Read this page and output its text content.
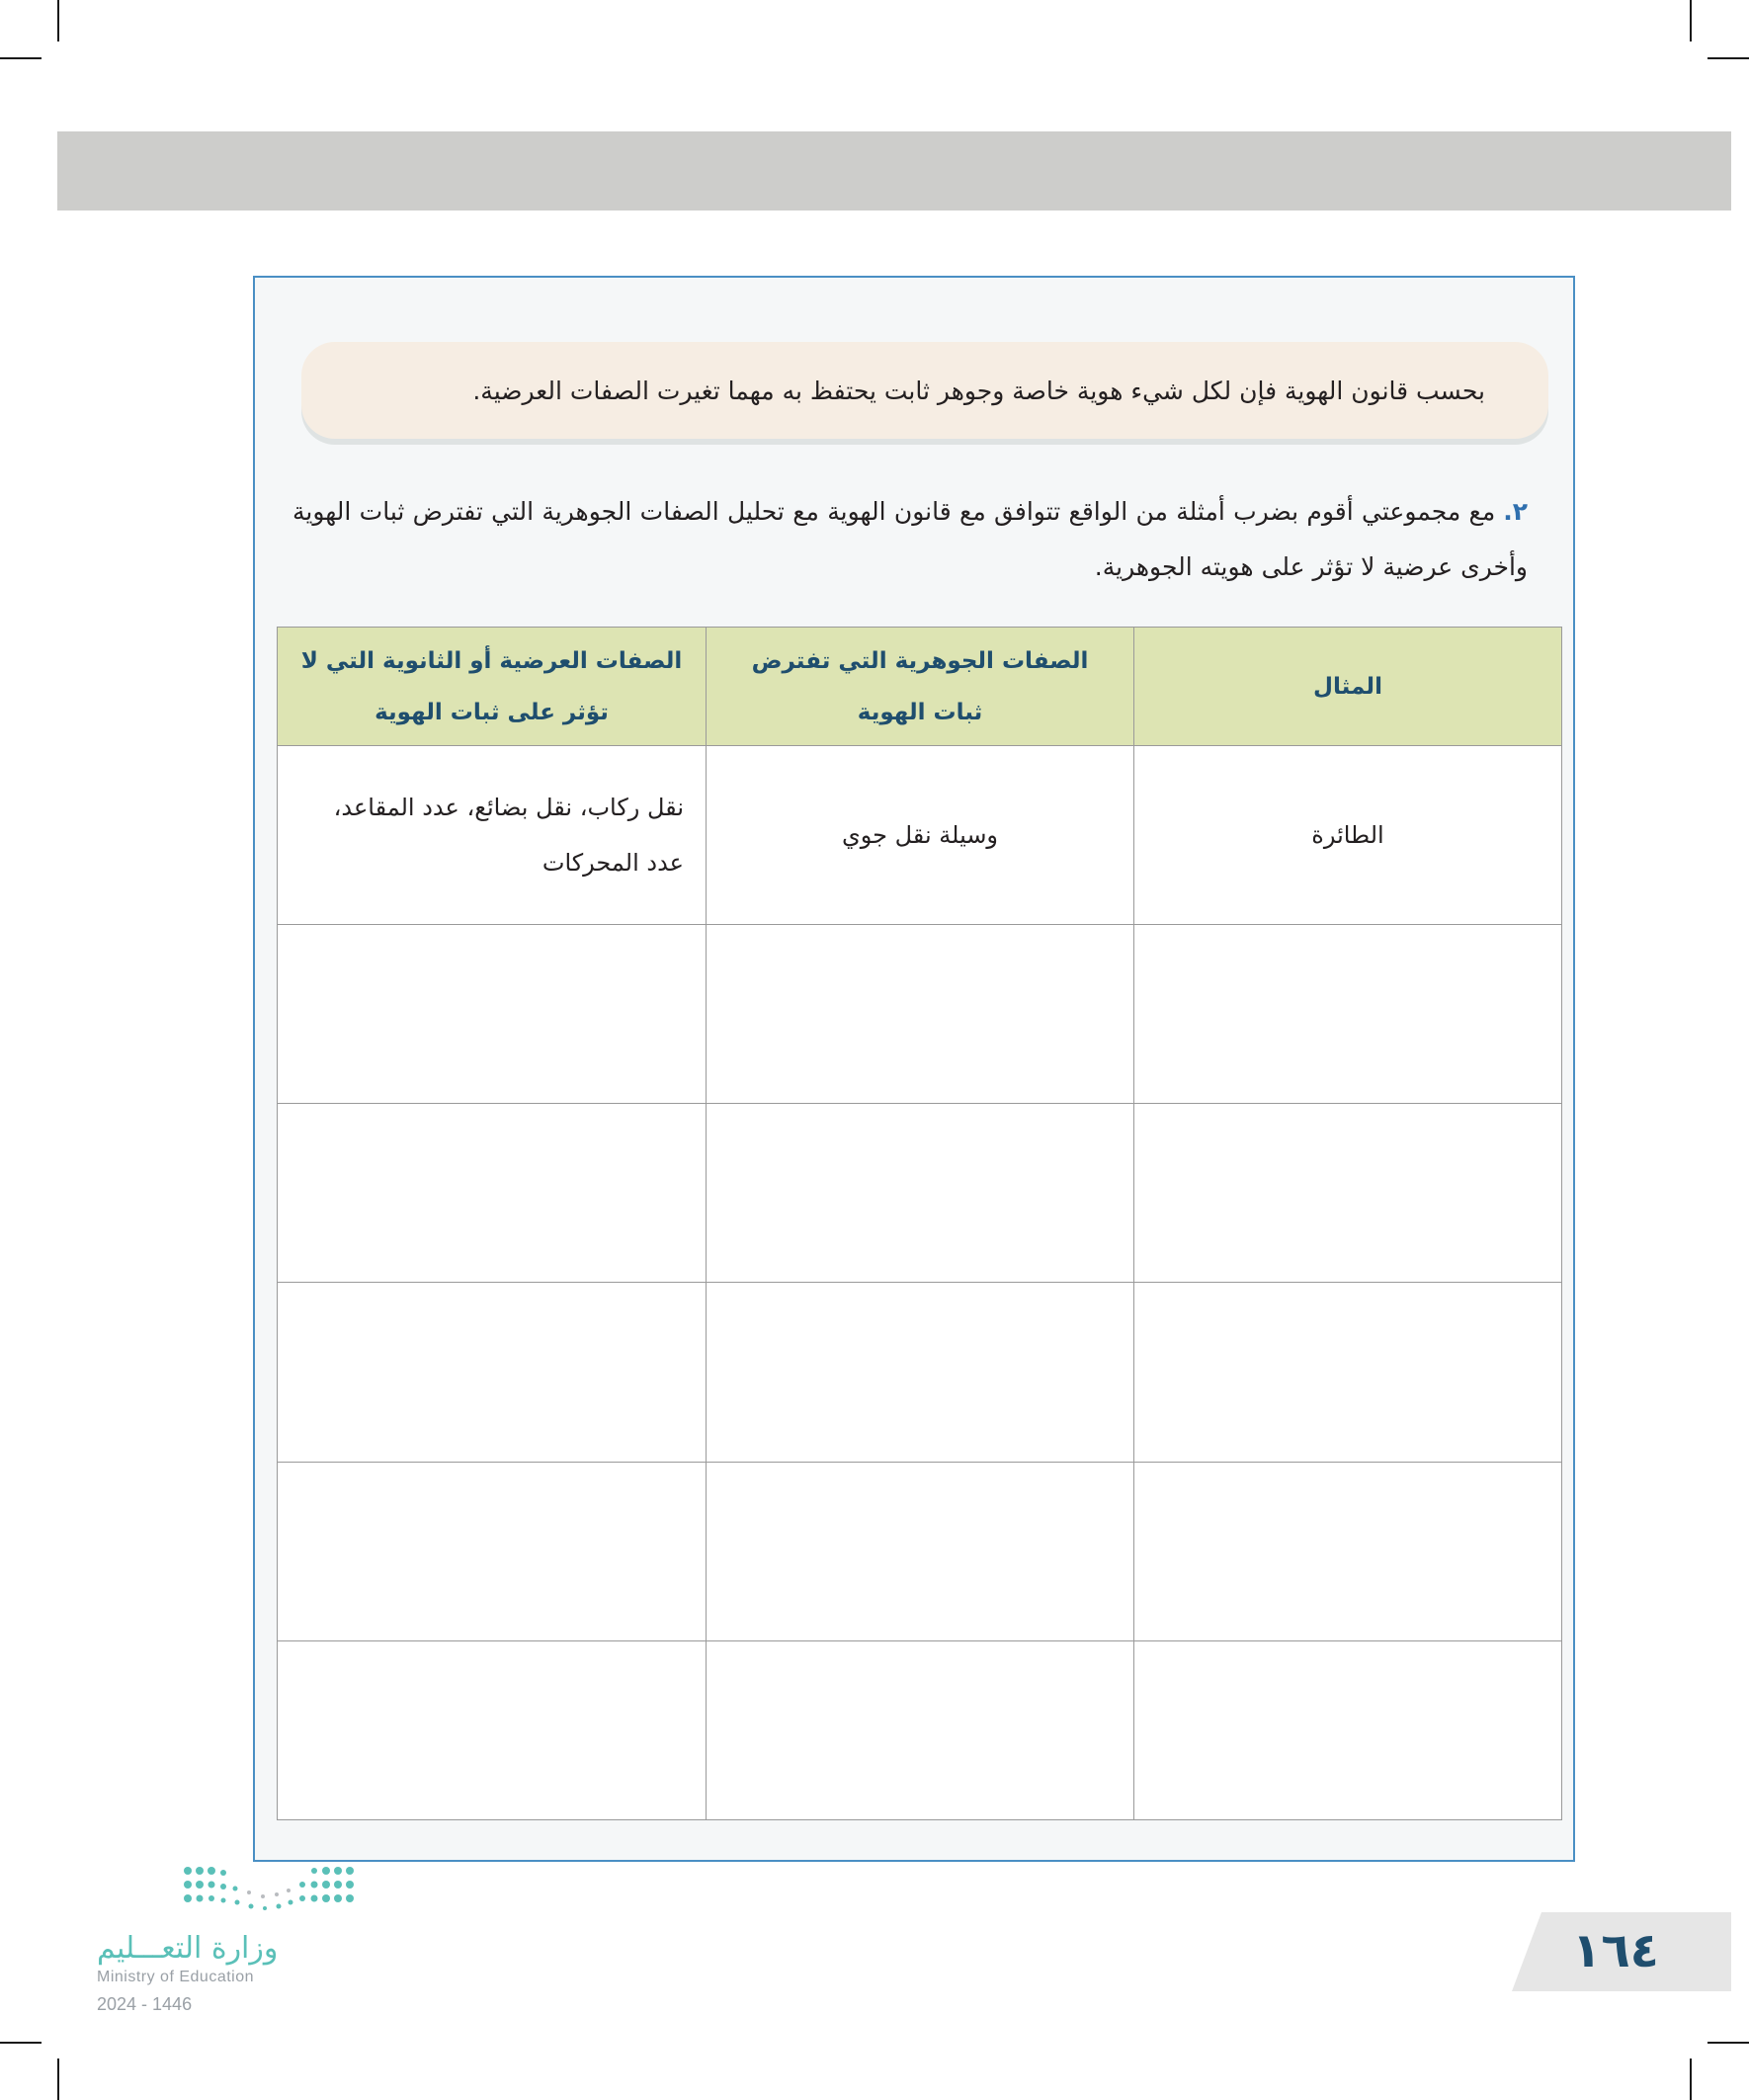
بحسب قانون الهوية فإن لكل شيء هوية خاصة وجوهر ثابت يحتفظ به مهما تغيرت الصفات العرضية.

٢.مع مجموعتي أقوم بضرب أمثلة من الواقع تتوافق مع قانون الهوية مع تحليل الصفات الجوهرية التي تفترض ثبات الهوية وأخرى عرضية لا تؤثر على هويته الجوهرية.

المثال	الصفات الجوهرية التي تفترض ثبات الهوية	الصفات العرضية أو الثانوية التي لا تؤثر على ثبات الهوية
الطائرة	وسيلة نقل جوي	نقل ركاب، نقل بضائع، عدد المقاعد، عدد المحركات

وزارة التعـــليم
Ministry of Education
2024 - 1446
١٦٤
